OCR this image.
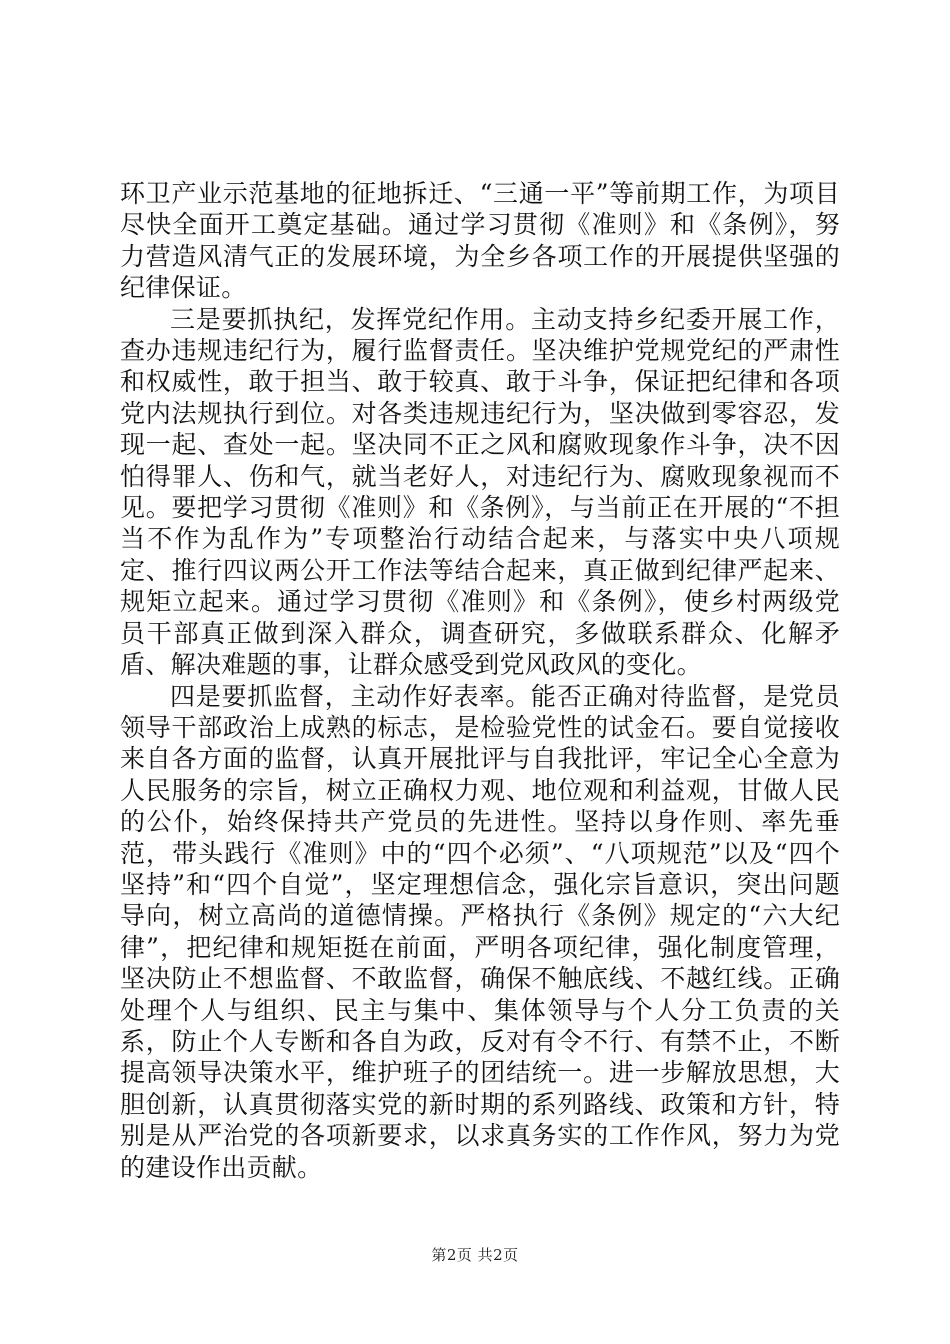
环卫产业示范基地的征地拆迁、“三通一平”等前期工作，为项目尽快全面开工奠定基础。通过学习贯彻《准则》和《条例》，努力营造风清气正的发展环境，为全乡各项工作的开展提供坚强的纪律保证。

三是要抓执纪，发挥党纪作用。主动支持乡纪委开展工作，查办违规违纪行为，履行监督责任。坚决维护党规党纪的严肃性和权威性，敢于担当、敢于较真、敢于斗争，保证把纪律和各项党内法规执行到位。对各类违规违纪行为，坚决做到零容忍，发现一起、查处一起。坚决同不正之风和腐败现象作斗争，决不因怕得罪人、伤和气，就当老好人，对违纪行为、腐败现象视而不见。要把学习贯彻《准则》和《条例》，与当前正在开展的“不担当不作为乱作为”专项整治行动结合起来，与落实中央八项规定、推行四议两公开工作法等结合起来，真正做到纪律严起来、规矩立起来。通过学习贯彻《准则》和《条例》，使乡村两级党员干部真正做到深入群众，调查研究，多做联系群众、化解矛盾、解决难题的事，让群众感受到党风政风的变化。

四是要抓监督，主动作好表率。能否正确对待监督，是党员领导干部政治上成熟的标志，是检验党性的试金石。要自觉接收来自各方面的监督，认真开展批评与自我批评，牢记全心全意为人民服务的宗旨，树立正确权力观、地位观和利益观，甘做人民的公仆，始终保持共产党员的先进性。坚持以身作则、率先垂范，带头践行《准则》中的“四个必须”、“八项规范”以及“四个坚持”和“四个自觉”，坚定理想信念，强化宗旨意识，突出问题导向，树立高尚的道德情操。严格执行《条例》规定的“六大纪律”，把纪律和规矩挺在前面，严明各项纪律，强化制度管理，坚决防止不想监督、不敢监督，确保不触底线、不越红线。正确处理个人与组织、民主与集中、集体领导与个人分工负责的关系，防止个人专断和各自为政，反对有令不行、有禁不止，不断提高领导决策水平，维护班子的团结统一。进一步解放思想，大胆创新，认真贯彻落实党的新时期的系列路线、政策和方针，特别是从严治党的各项新要求，以求真务实的工作作风，努力为党的建设作出贡献。

第2页 共2页
